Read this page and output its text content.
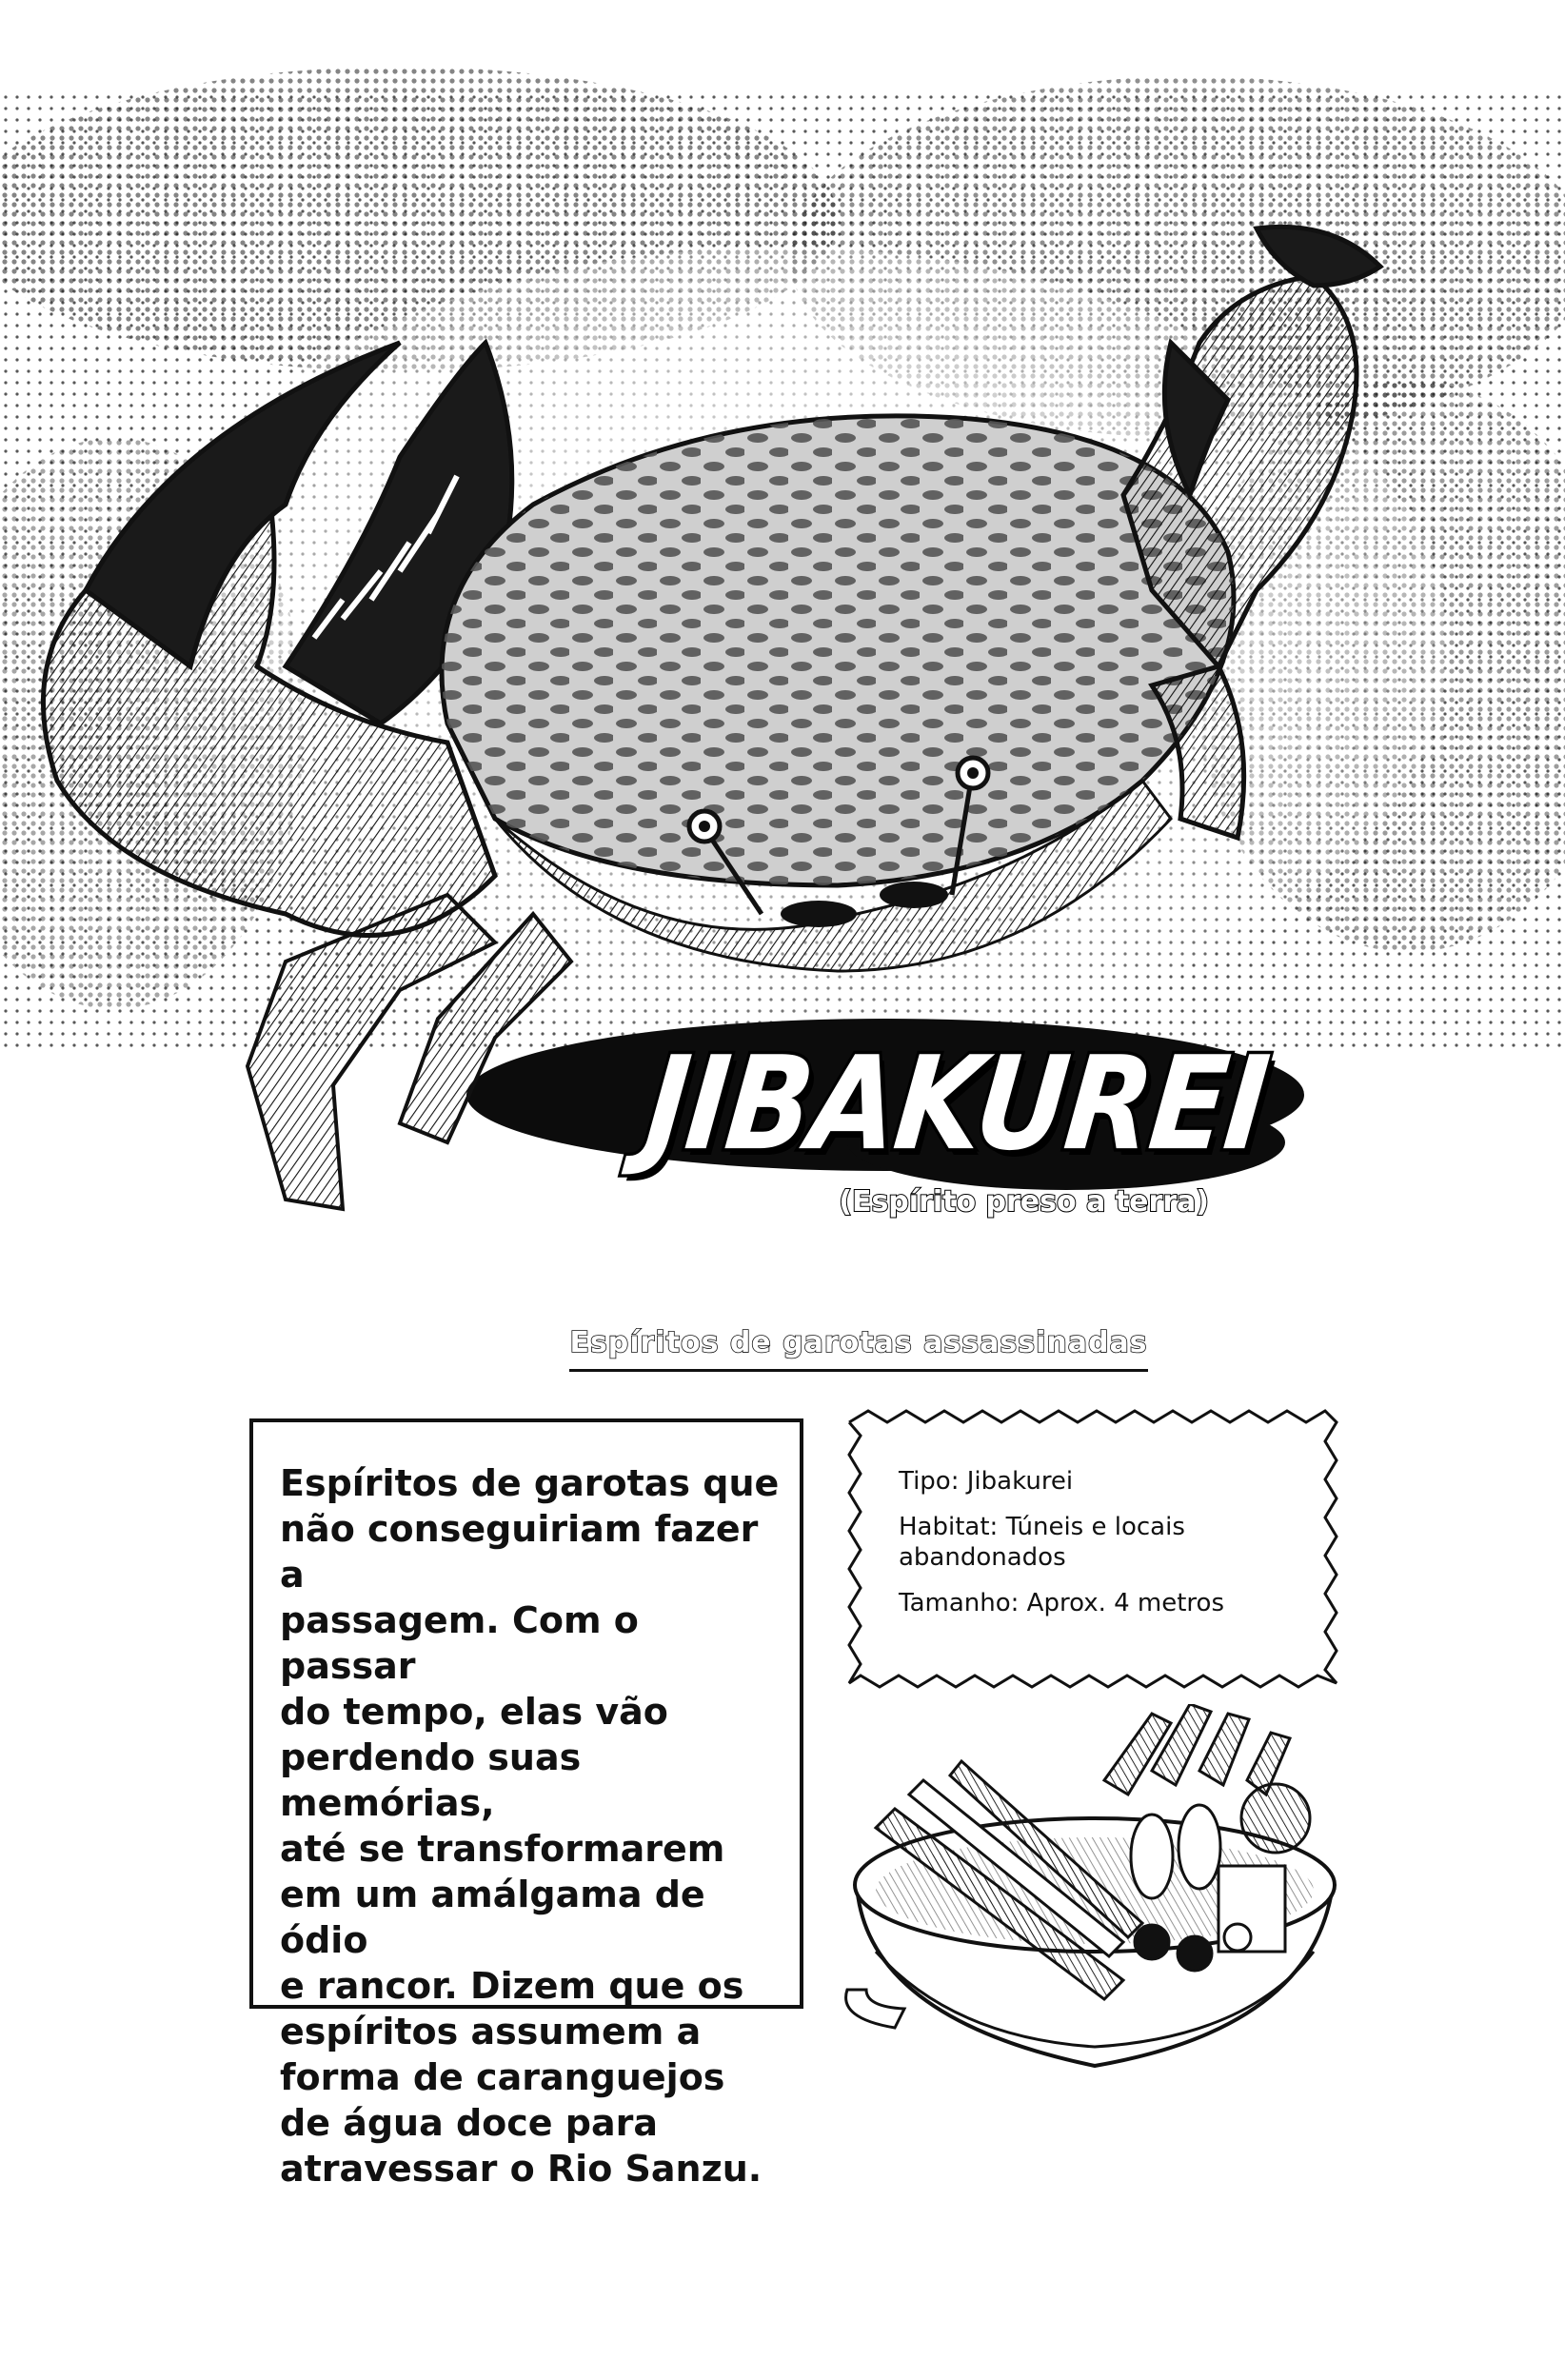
JIBAKUREI
(Espírito preso a terra)
Espíritos de garotas assassinadas
Espíritos de garotas que
não conseguiriam fazer a
passagem. Com o passar
do tempo, elas vão
perdendo suas memórias,
até se transformarem
em um amálgama de ódio
e rancor. Dizem que os
espíritos assumem a
forma de caranguejos
de água doce para
atravessar o Rio Sanzu.
Tipo: Jibakurei
Habitat: Túneis e locais abandonados
Tamanho: Aprox. 4 metros
